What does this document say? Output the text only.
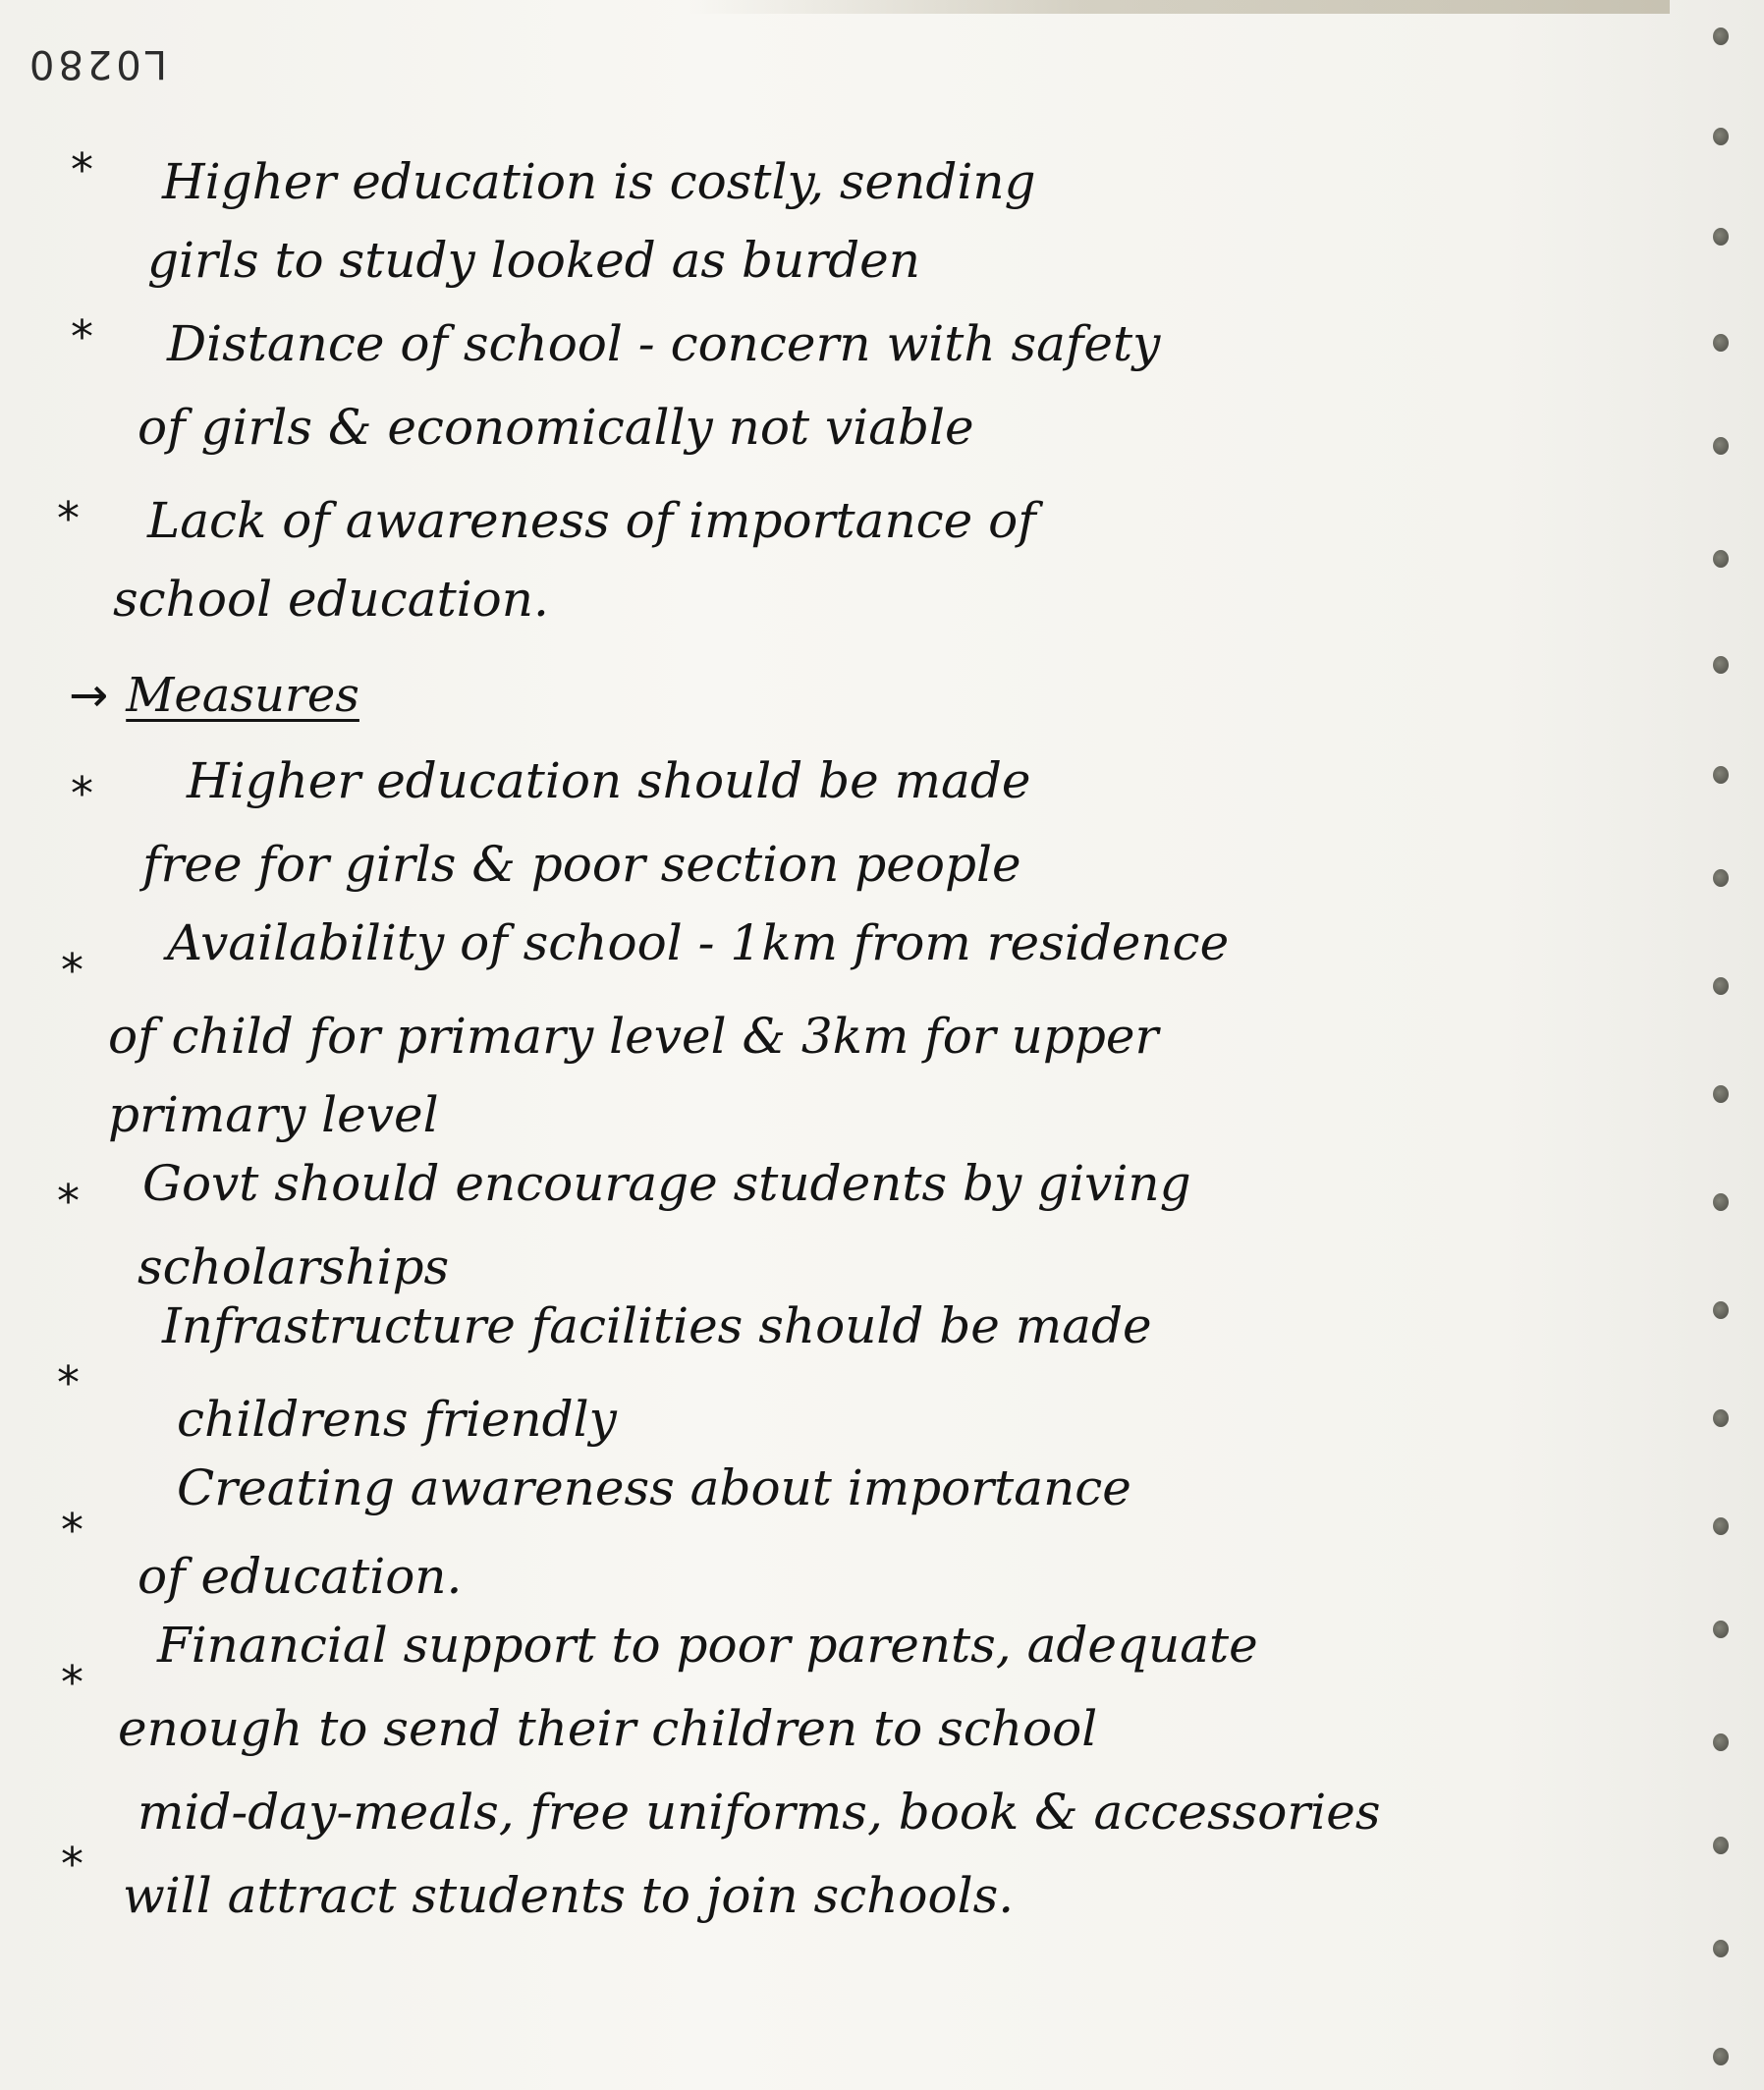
L0280
* Higher education is costly, sending
girls to study looked as burden
* Distance of school - concern with safety
of girls & economically not viable
* Lack of awareness of importance of
school education.
→ Measures
* Higher education should be made
free for girls & poor section people
* Availability of school - 1km from residence
of child for primary level & 3km for upper
primary level
* Govt should encourage students by giving
scholarships
*
Infrastructure facilities should be made
childrens friendly
*
Creating awareness about importance
of education.
*
Financial support to poor parents, adequate
enough to send their children to school
*
mid-day-meals, free uniforms, book & accessories
will attract students to join schools.
